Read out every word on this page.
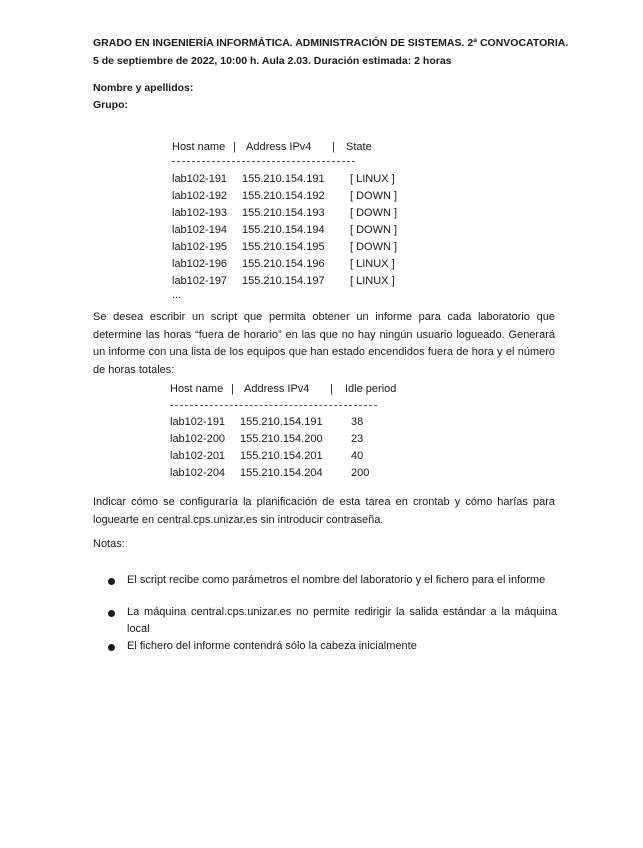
GRADO EN INGENIERÍA INFORMÁTICA. ADMINISTRACIÓN DE SISTEMAS. 2ª CONVOCATORIA.
5 de septiembre de 2022, 10:00 h. Aula 2.03. Duración estimada: 2 horas
Nombre y apellidos:
Grupo:
Host name | Address IPv4 | State
lab102-191 155.210.154.191 [ LINUX ]
lab102-192 155.210.154.192 [ DOWN ]
lab102-193 155.210.154.193 [ DOWN ]
lab102-194 155.210.154.194 [ DOWN ]
lab102-195 155.210.154.195 [ DOWN ]
lab102-196 155.210.154.196 [ LINUX ]
lab102-197 155.210.154.197 [ LINUX ]
...
Se desea escribir un script que permita obtener un informe para cada laboratorio que determine las horas “fuera de horario” en las que no hay ningún usuario logueado. Generará un informe con una lista de los equipos que han estado encendidos fuera de hora y el número de horas totales:
Host name | Address IPv4 | Idle period
lab102-191 155.210.154.191	38
lab102-200 155.210.154.200	23
lab102-201 155.210.154.201	40
lab102-204 155.210.154.204	200
Indicar cómo se configuraría la planificación de esta tarea en crontab y cómo harías para loguearte en central.cps.unizar.es sin introducir contraseña.
Notas:
El script recibe como parámetros el nombre del laboratorio y el fichero para el informe
La máquina central.cps.unizar.es no permite redirigir la salida estándar a la máquina local
El fichero del informe contendrá sólo la cabeza inicialmente
